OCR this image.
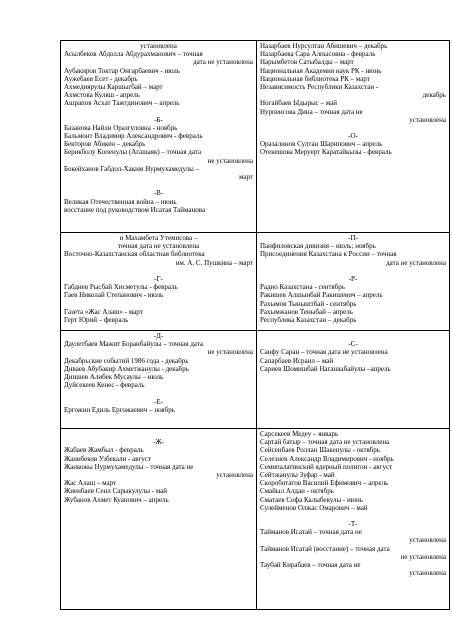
установлена
Асылбеков Абдолла Абдурахманович – точная
дата не установлена
Аубакиров Токтар Онгарбаевич - июль
Аужебаев Есет - декабрь
Ахмедиярулы Каршыгбай – март
Ахмстова Куляш - апрель
Ашрапов Асхат Тажтдинович – апрель
-Б-
Базанова Найли Оразгуловна - ноябрь
Бальмонт Владимир Александрович - февраль
Бекторов Абикен – декабрь
Берикболу Копенулы (Агашаяк) – точная дата
не установлена
Бокейханов Габдол-Хаким Нурмухамедулы –
март
-В-
Великая Отечественная война – июнь
восстание под руководством Исатая Тайманова
Назарбаев Нурсултан Абишевич – декабрь
Назарбаева Сара Алпысовна - февраль
Нарымбетов Сатыбалды – март
Национальная Академия наук РК - июнь
Национальная библиотека РК – март
Независимость Республики Казахстан -
декабрь
Ногайбаев Ыдырыс – май
Нурпеисова Дина – точная дата не
установлена
-О-
Оразалинов Султан Шарипович – апрель
Отекешова Меруерт Каратайкызы - февраль
и Махамбета Утемисова –
точная дата не установлена
Восточно-Казахстанская областная библиотека
им. А. С. Пушкина – март
-Г-
Габдиев Рысбай Хисметулы - февраль
Гаев Николай Степанович - июль
Газета «Жас Алаш» - март
Герт Юрий – февраль
-П-
Панфиловская дивизия – июль; ноябрь
Присоединения Казахстана к России – точная
дата не установлена
-Р-
Радио Казахстана - сентябрь
Ракишев Алшынбай Ракишевич – апрель
Рахымов Тыныштбай - сентябрь
Рахымжанов Теныбай – апрель
Республика Казахстан – декабрь
-Д-
Даулетбаев Мажит Боранбайулы – точная дата
не установлена
Декабрьские событий 1986 года - декабрь
Диваев Абубакир Ахметжанулы - декабрь
Диишев Алибек Мусаулы – июль
Дуйсекеев Кенес - февраль
-Е-
Ергожин Едиль Ергожаевич – ноябрь
-С-
Санфу Саран – точная дата не установлена
Сапарбаев Исраил – май
Сариев Шомишбай Нагашыбайулы –апрель
-Ж-
Жабаев Жамбыл - февраль
Жанибеков Узбекали - август
Жанкожы Нурмухамедулы – точная дата не
установлена
Жас Алаш – март
Жиенбаев Сенл Сарыкулулы - май
Жубанов Ахмет Куанович – апрель
Сарсекеев Медеу – январь
Сартай батыр – точная дата не установлена
Сейсенбаев Роллан Шакенулы - октябрь
Селезнев Александр Владимирович - ноябрь
Семипалатинский ядерный полигон - август
Сейтжанулы Зуфар - май
Скороботатов Василий Ефимович – апрель
Смайыл Алдан - октябрь
Сматаев Софа Калыбекулы - июнь
Сулейменов Олжас Омарович – май
-Т-
Тайманов Исатай – точная дата не
установлена
Тайманов Исатай (восстание) – точная дата
не установлена
Таубай Кирабаев – точная дата не
установлена
